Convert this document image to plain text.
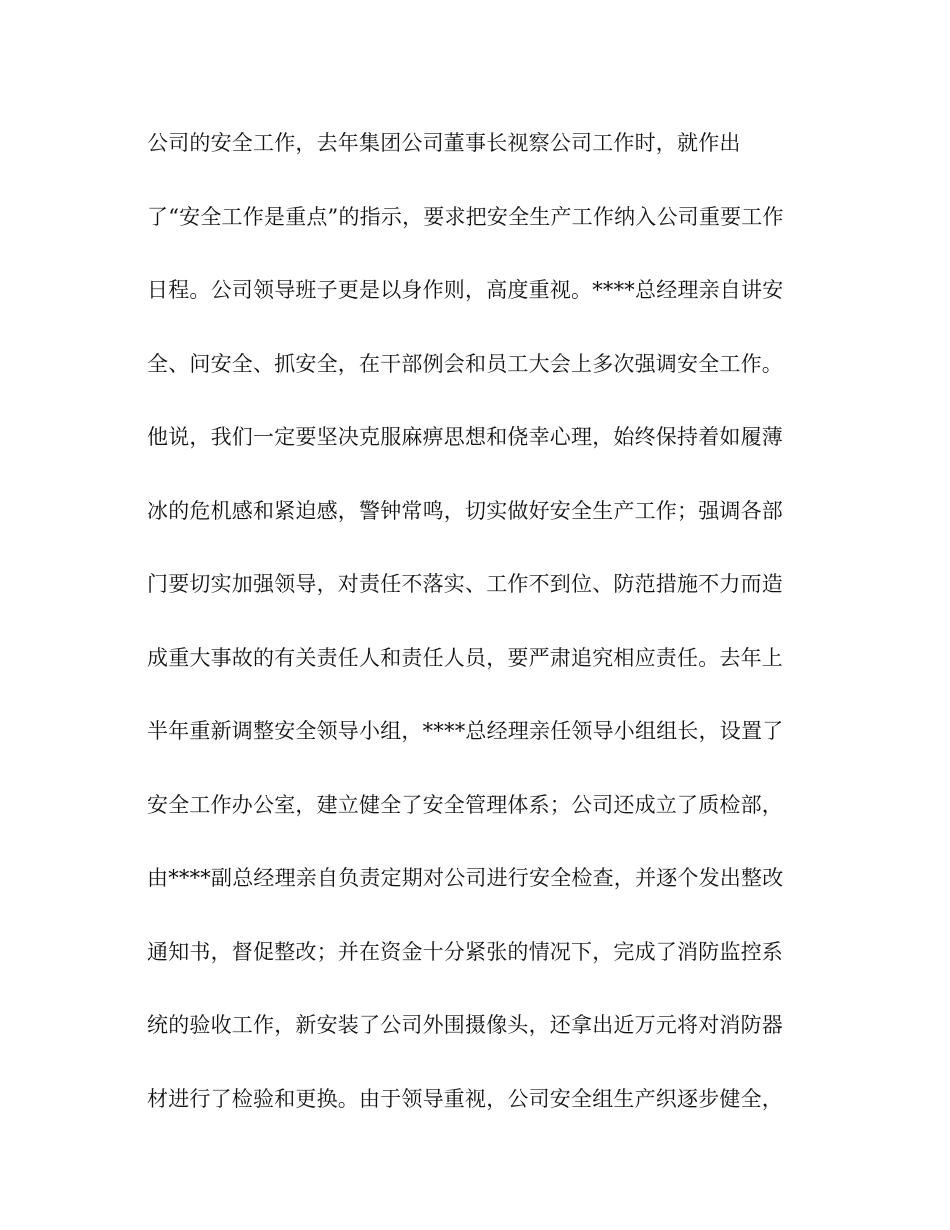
公司的安全工作，去年集团公司董事长视察公司工作时，就作出
了“安全工作是重点”的指示，要求把安全生产工作纳入公司重要工作
日程。公司领导班子更是以身作则，高度重视。****总经理亲自讲安
全、问安全、抓安全，在干部例会和员工大会上多次强调安全工作。
他说，我们一定要坚决克服麻痹思想和侥幸心理，始终保持着如履薄
冰的危机感和紧迫感，警钟常鸣，切实做好安全生产工作；强调各部
门要切实加强领导，对责任不落实、工作不到位、防范措施不力而造
成重大事故的有关责任人和责任人员，要严肃追究相应责任。去年上
半年重新调整安全领导小组，****总经理亲任领导小组组长，设置了
安全工作办公室，建立健全了安全管理体系；公司还成立了质检部，
由****副总经理亲自负责定期对公司进行安全检查，并逐个发出整改
通知书，督促整改；并在资金十分紧张的情况下，完成了消防监控系
统的验收工作，新安装了公司外围摄像头，还拿出近万元将对消防器
材进行了检验和更换。由于领导重视，公司安全组生产织逐步健全，
